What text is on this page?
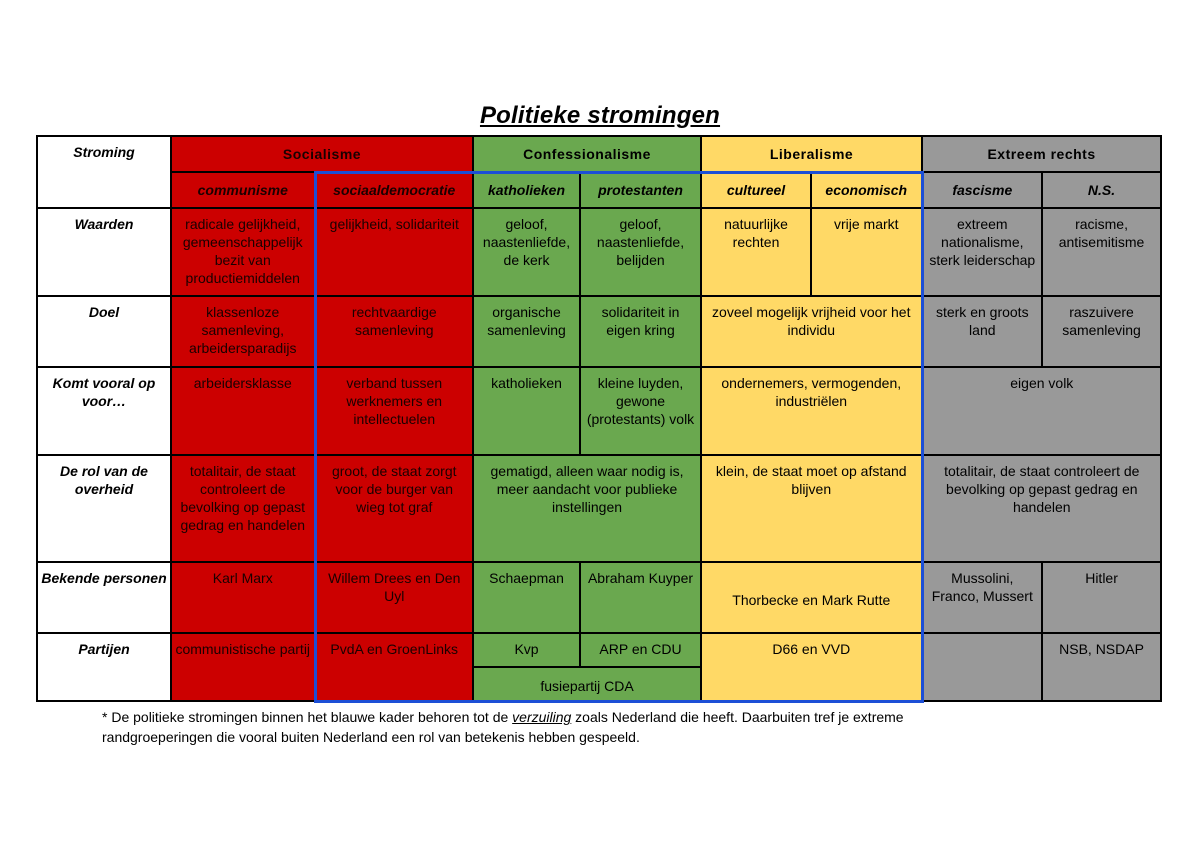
Politieke stromingen
Stroming	Socialisme		Confessionalisme		Liberalisme		Extreem rechts	
	communisme	sociaaldemocratie	katholieken	protestanten	cultureel	economisch	fascisme	N.S.
Waarden	radicale gelijkheid, gemeenschappelijk bezit van productiemiddelen	gelijkheid, solidariteit	geloof, naastenliefde, de kerk	geloof, naastenliefde, belijden	natuurlijke rechten	vrije markt	extreem nationalisme, sterk leiderschap	racisme, antisemitisme
Doel	klassenloze samenleving, arbeidersparadijs	rechtvaardige samenleving	organische samenleving	solidariteit in eigen kring	zoveel mogelijk vrijheid voor het individu		sterk en groots land	raszuivere samenleving
Komt vooral op voor…	arbeidersklasse	verband tussen werknemers en intellectuelen	katholieken	kleine luyden, gewone (protestants) volk	ondernemers, vermogenden, industriëlen		eigen volk	
De rol van de overheid	totalitair, de staat controleert de bevolking op gepast gedrag en handelen	groot, de staat zorgt voor de burger van wieg tot graf	gematigd, alleen waar nodig is, meer aandacht voor publieke instellingen		klein, de staat moet op afstand blijven		totalitair, de staat controleert de bevolking op gepast gedrag en handelen	
Bekende personen	Karl Marx	Willem Drees en Den Uyl	Schaepman	Abraham Kuyper	Thorbecke en Mark Rutte		Mussolini, Franco, Mussert	Hitler
Partijen	communistische partij	PvdA en GroenLinks	Kvp	ARP en CDU	D66 en VVD			NSB, NSDAP
			fusiepartij CDA					
* De politieke stromingen binnen het blauwe kader behoren tot de verzuiling zoals Nederland die heeft. Daarbuiten tref je extreme
randgroeperingen die vooral buiten Nederland een rol van betekenis hebben gespeeld.
